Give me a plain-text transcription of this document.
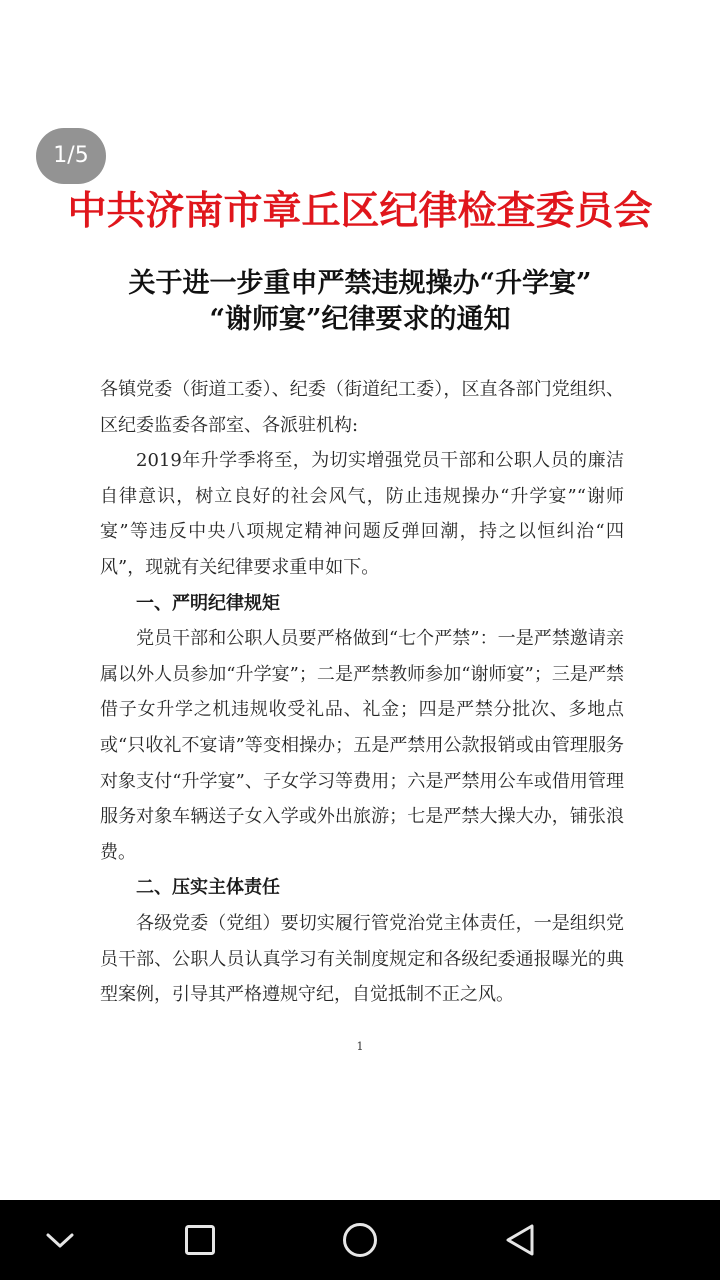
中共济南市章丘区纪律检查委员会
关于进一步重申严禁违规操办“升学宴”
“谢师宴”纪律要求的通知

各镇党委（街道工委）、纪委（街道纪工委），区直各部门党组织、区纪委监委各部室、各派驻机构:

2019年升学季将至，为切实增强党员干部和公职人员的廉洁自律意识，树立良好的社会风气，防止违规操办“升学宴”“谢师宴”等违反中央八项规定精神问题反弹回潮，持之以恒纠治“四风”，现就有关纪律要求重申如下。

一、严明纪律规矩

党员干部和公职人员要严格做到“七个严禁”：一是严禁邀请亲属以外人员参加“升学宴”；二是严禁教师参加“谢师宴”；三是严禁借子女升学之机违规收受礼品、礼金；四是严禁分批次、多地点或“只收礼不宴请”等变相操办；五是严禁用公款报销或由管理服务对象支付“升学宴”、子女学习等费用；六是严禁用公车或借用管理服务对象车辆送子女入学或外出旅游；七是严禁大操大办，铺张浪费。

二、压实主体责任

各级党委（党组）要切实履行管党治党主体责任，一是组织党员干部、公职人员认真学习有关制度规定和各级纪委通报曝光的典型案例，引导其严格遵规守纪，自觉抵制不正之风。

1
1/5
